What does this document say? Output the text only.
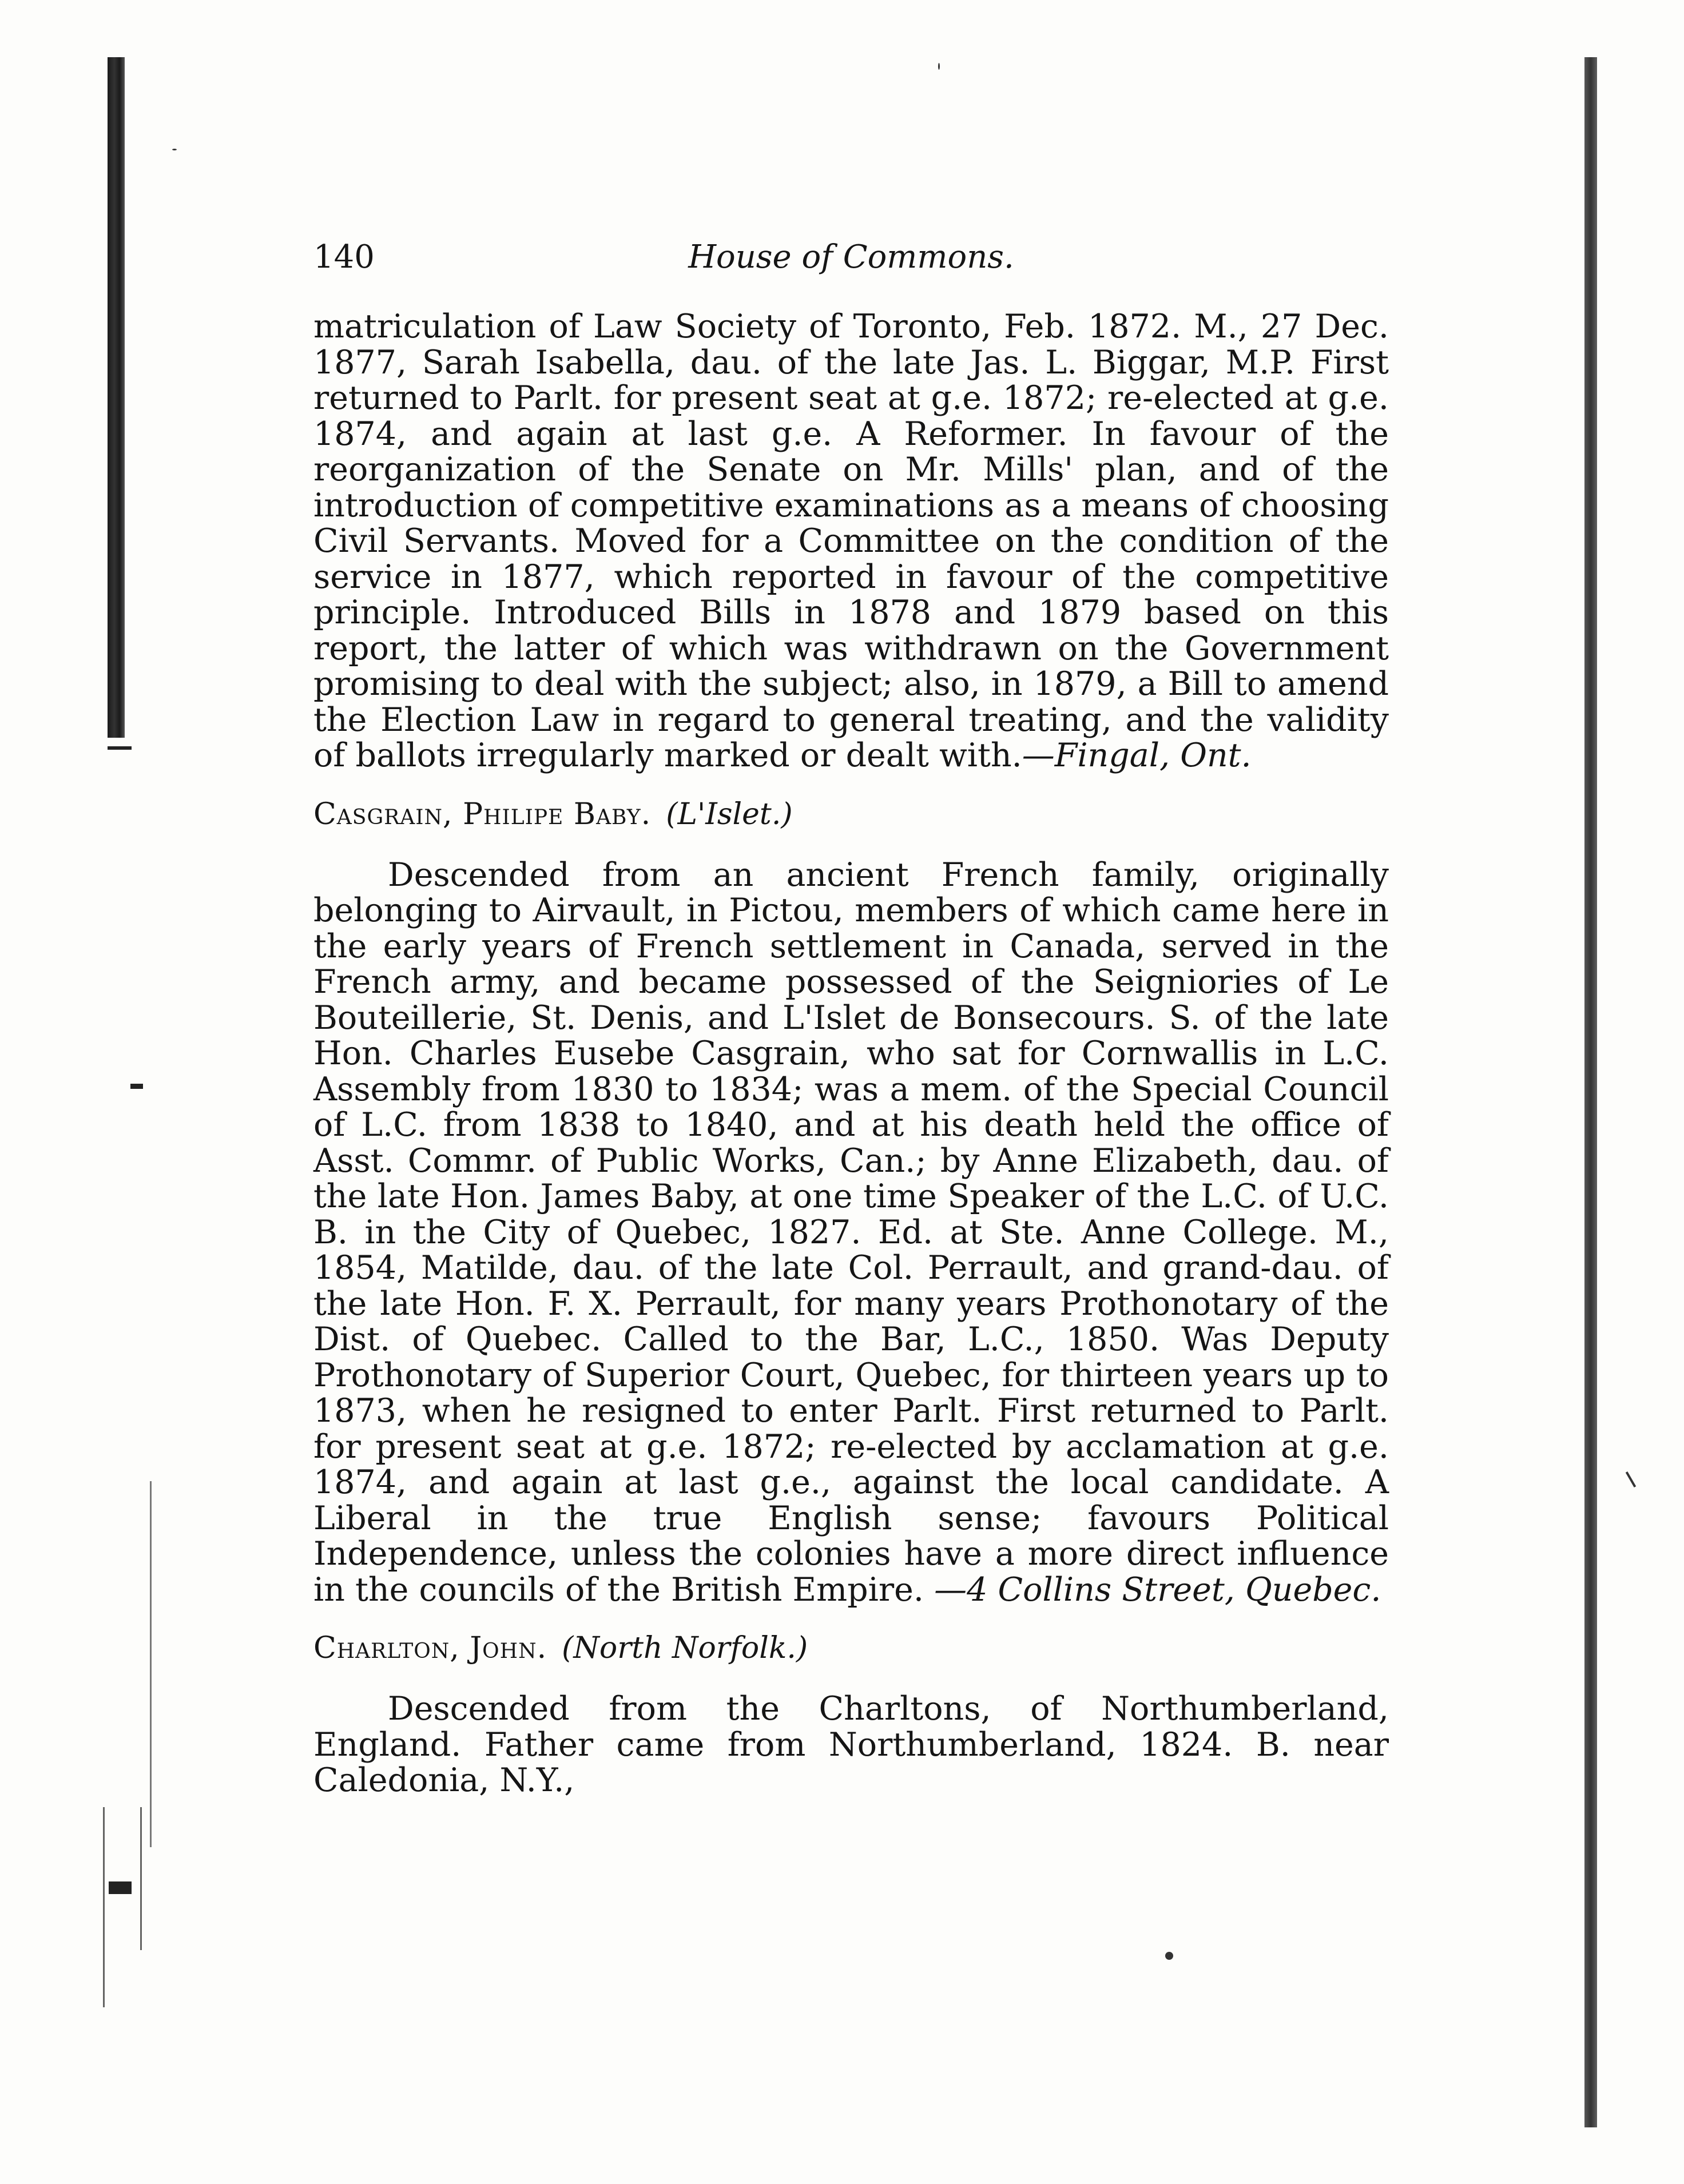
140	House of Commons.

matriculation of Law Society of Toronto, Feb. 1872. M., 27 Dec. 1877, Sarah Isabella, dau. of the late Jas. L. Biggar, M.P. First returned to Parlt. for present seat at g.e. 1872; re-elected at g.e. 1874, and again at last g.e. A Reformer. In favour of the reorganization of the Senate on Mr. Mills' plan, and of the introduction of competitive examinations as a means of choosing Civil Servants. Moved for a Committee on the condition of the service in 1877, which reported in favour of the competitive principle. Introduced Bills in 1878 and 1879 based on this report, the latter of which was withdrawn on the Government promising to deal with the subject; also, in 1879, a Bill to amend the Election Law in regard to general treating, and the validity of ballots irregularly marked or dealt with.—Fingal, Ont.

Casgrain, Philipe Baby. (L'Islet.)

Descended from an ancient French family, originally belonging to Airvault, in Pictou, members of which came here in the early years of French settlement in Canada, served in the French army, and became possessed of the Seigniories of Le Bouteillerie, St. Denis, and L'Islet de Bonsecours. S. of the late Hon. Charles Eusebe Casgrain, who sat for Cornwallis in L.C. Assembly from 1830 to 1834; was a mem. of the Special Council of L.C. from 1838 to 1840, and at his death held the office of Asst. Commr. of Public Works, Can.; by Anne Elizabeth, dau. of the late Hon. James Baby, at one time Speaker of the L.C. of U.C. B. in the City of Quebec, 1827. Ed. at Ste. Anne College. M., 1854, Matilde, dau. of the late Col. Perrault, and grand-dau. of the late Hon. F. X. Perrault, for many years Prothonotary of the Dist. of Quebec. Called to the Bar, L.C., 1850. Was Deputy Prothonotary of Superior Court, Quebec, for thirteen years up to 1873, when he resigned to enter Parlt. First returned to Parlt. for present seat at g.e. 1872; re-elected by acclamation at g.e. 1874, and again at last g.e., against the local candidate. A Liberal in the true English sense; favours Political Independence, unless the colonies have a more direct influence in the councils of the British Empire. —4 Collins Street, Quebec.

Charlton, John. (North Norfolk.)

Descended from the Charltons, of Northumberland, England. Father came from Northumberland, 1824. B. near Caledonia, N.Y.,
